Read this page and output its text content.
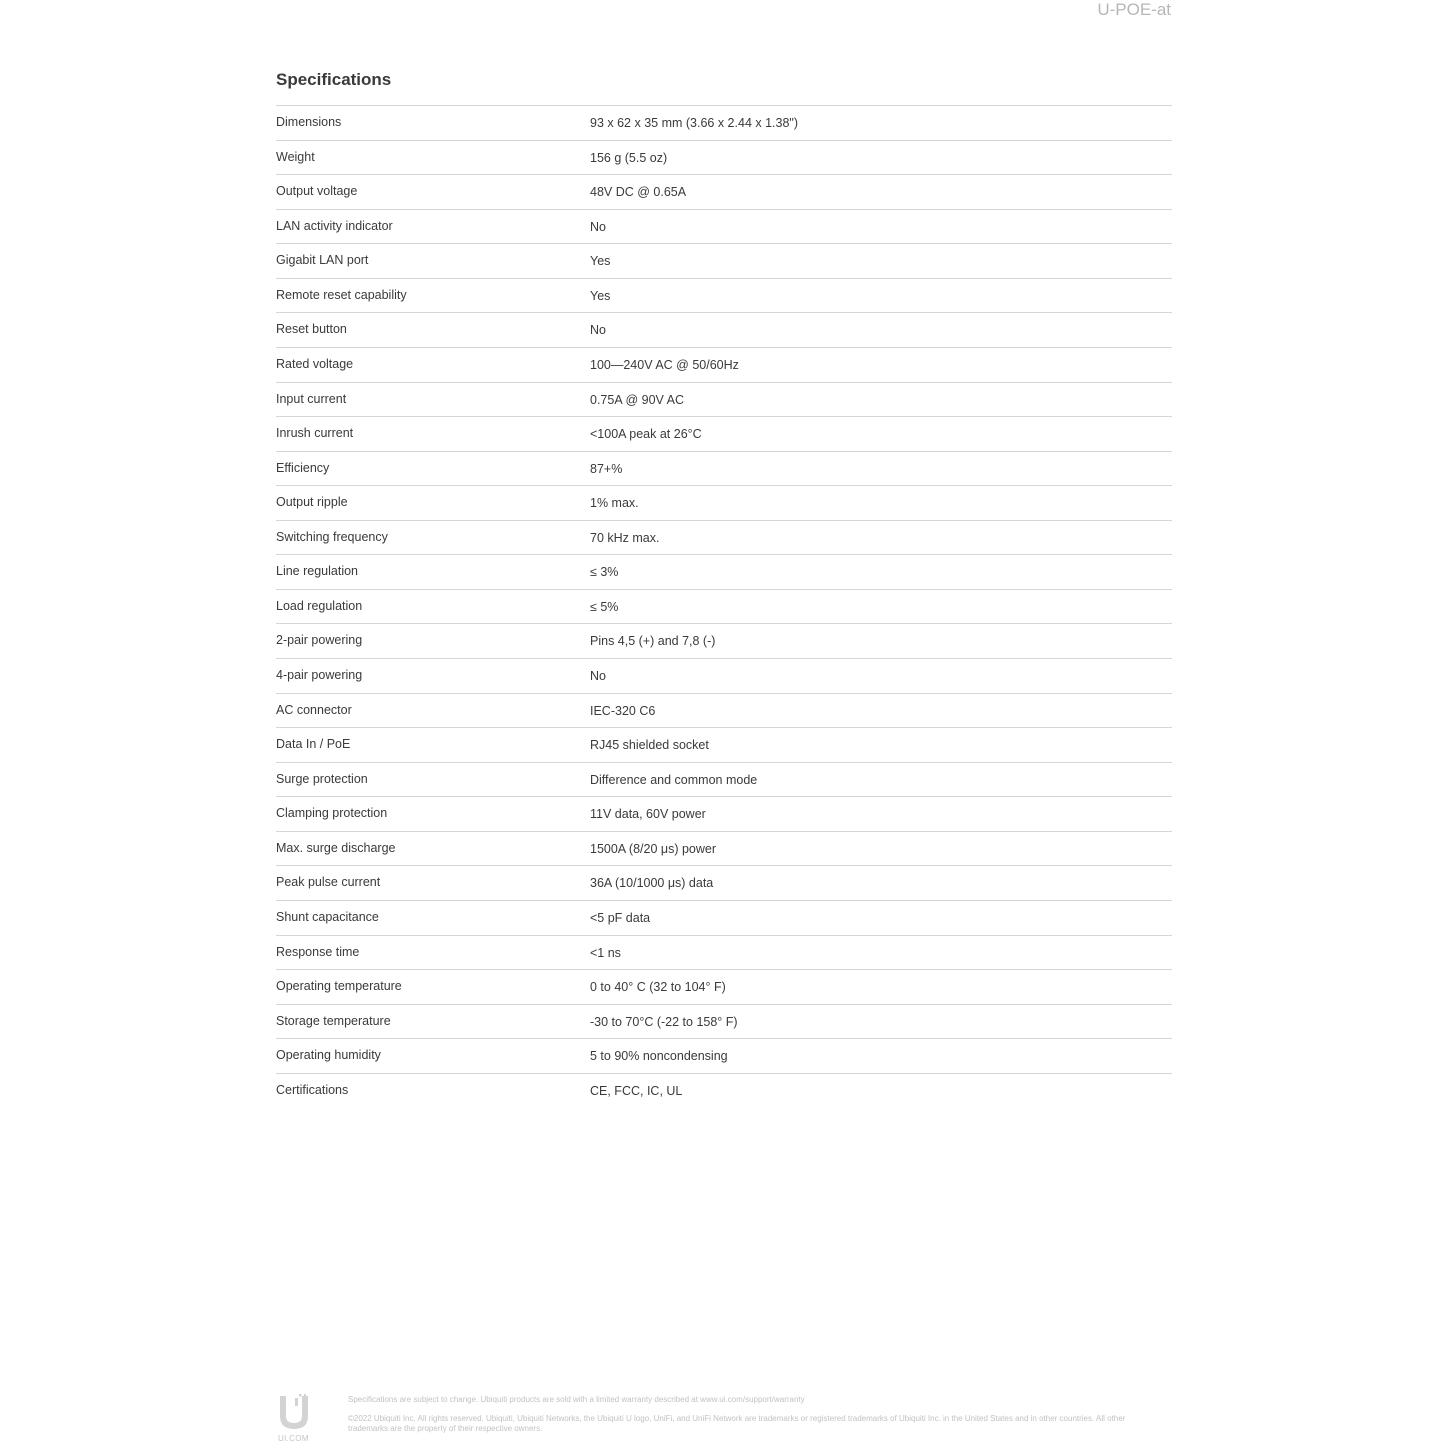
U-POE-at
Specifications
Dimensions	93 x 62 x 35 mm (3.66 x 2.44 x 1.38")
Weight	156 g (5.5 oz)
Output voltage	48V DC @ 0.65A
LAN activity indicator	No
Gigabit LAN port	Yes
Remote reset capability	Yes
Reset button	No
Rated voltage	100—240V AC @ 50/60Hz
Input current	0.75A @ 90V AC
Inrush current	<100A peak at 26°C
Efficiency	87+%
Output ripple	1% max.
Switching frequency	70 kHz max.
Line regulation	≤ 3%
Load regulation	≤ 5%
2-pair powering	Pins 4,5 (+) and 7,8 (-)
4-pair powering	No
AC connector	IEC-320 C6
Data In / PoE	RJ45 shielded socket
Surge protection	Difference and common mode
Clamping protection	11V data, 60V power
Max. surge discharge	1500A (8/20 μs) power
Peak pulse current	36A (10/1000 μs) data
Shunt capacitance	<5 pF data
Response time	<1 ns
Operating temperature	0 to 40° C (32 to 104° F)
Storage temperature	-30 to 70°C (-22 to 158° F)
Operating humidity	5 to 90% noncondensing
Certifications	CE, FCC, IC, UL
UI.COM

Specifications are subject to change. Ubiquiti products are sold with a limited warranty described at www.ui.com/support/warranty

©2022 Ubiquiti Inc. All rights reserved. Ubiquiti, Ubiquiti Networks, the Ubiquiti U logo, UniFi, and UniFi Network are trademarks or registered trademarks of Ubiquiti Inc. in the United States and in other countries. All other trademarks are the property of their respective owners.
